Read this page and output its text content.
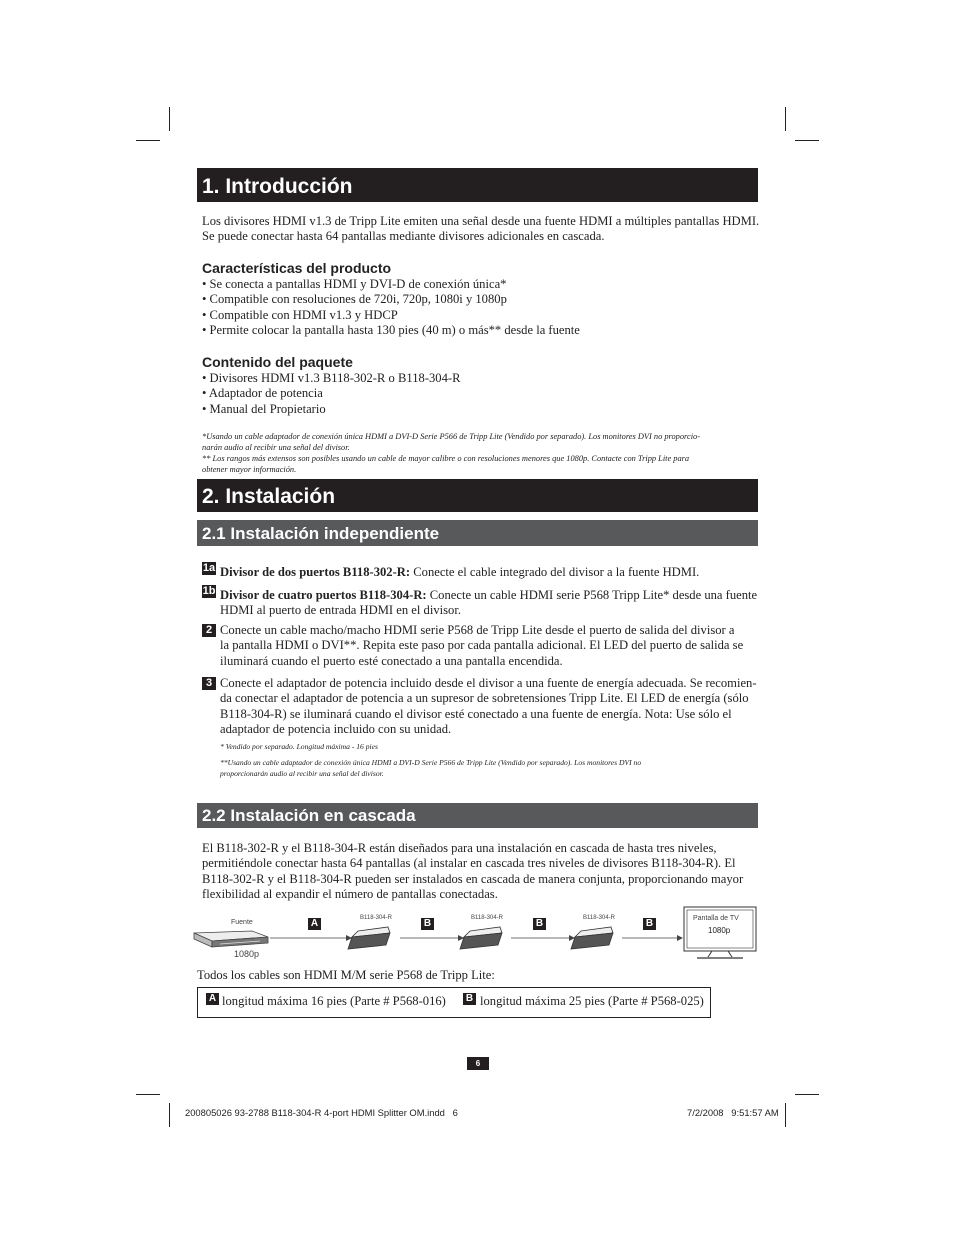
1. Introducción
Los divisores HDMI v1.3 de Tripp Lite emiten una señal desde una fuente HDMI a múltiples pantallas HDMI.
Se puede conectar hasta 64 pantallas mediante divisores adicionales en cascada.
Características del producto
• Se conecta a pantallas HDMI y DVI-D de conexión única*
• Compatible con resoluciones de 720i, 720p, 1080i y 1080p
• Compatible con HDMI v1.3 y HDCP
• Permite colocar la pantalla hasta 130 pies (40 m) o más** desde la fuente
Contenido del paquete
• Divisores HDMI v1.3 B118-302-R o B118-304-R
• Adaptador de potencia
• Manual del Propietario
*Usando un cable adaptador de conexión única HDMI a DVI-D Serie P566 de Tripp Lite (Vendido por separado). Los monitores DVI no proporcio-
narán audio al recibir una señal del divisor.
** Los rangos más extensos son posibles usando un cable de mayor calibre o con resoluciones menores que 1080p. Contacte con Tripp Lite para
obtener mayor información.
2. Instalación
2.1 Instalación independiente
1a Divisor de dos puertos B118-302-R: Conecte el cable integrado del divisor a la fuente HDMI.
1b Divisor de cuatro puertos B118-304-R: Conecte un cable HDMI serie P568 Tripp Lite* desde una fuente
HDMI al puerto de entrada HDMI en el divisor.
2 Conecte un cable macho/macho HDMI serie P568 de Tripp Lite desde el puerto de salida del divisor a
la pantalla HDMI o DVI**. Repita este paso por cada pantalla adicional. El LED del puerto de salida se
iluminará cuando el puerto esté conectado a una pantalla encendida.
3 Conecte el adaptador de potencia incluido desde el divisor a una fuente de energía adecuada. Se recomien-
da conectar el adaptador de potencia a un supresor de sobretensiones Tripp Lite. El LED de energía (sólo
B118-304-R) se iluminará cuando el divisor esté conectado a una fuente de energía. Nota: Use sólo el
adaptador de potencia incluido con su unidad.
* Vendido por separado. Longitud máxima - 16 pies
**Usando un cable adaptador de conexión única HDMI a DVI-D Serie P566 de Tripp Lite (Vendido por separado). Los monitores DVI no
proporcionarán audio al recibir una señal del divisor.
2.2 Instalación en cascada
El B118-302-R y el B118-304-R están diseñados para una instalación en cascada de hasta tres niveles,
permitiéndole conectar hasta 64 pantallas (al instalar en cascada tres niveles de divisores B118-304-R). El
B118-302-R y el B118-304-R pueden ser instalados en cascada de manera conjunta, proporcionando mayor
flexibilidad al expandir el número de pantallas conectadas.
Fuente
1080p
A	B118-304-R	B	B118-304-R	B	B118-304-R	B	Pantalla de TV
1080p
Todos los cables son HDMI M/M serie P568 de Tripp Lite:
A longitud máxima 16 pies (Parte # P568-016) B longitud máxima 25 pies (Parte # P568-025)
6
200805026 93-2788 B118-304-R 4-port HDMI Splitter OM.indd   6	7/2/2008   9:51:57 AM
